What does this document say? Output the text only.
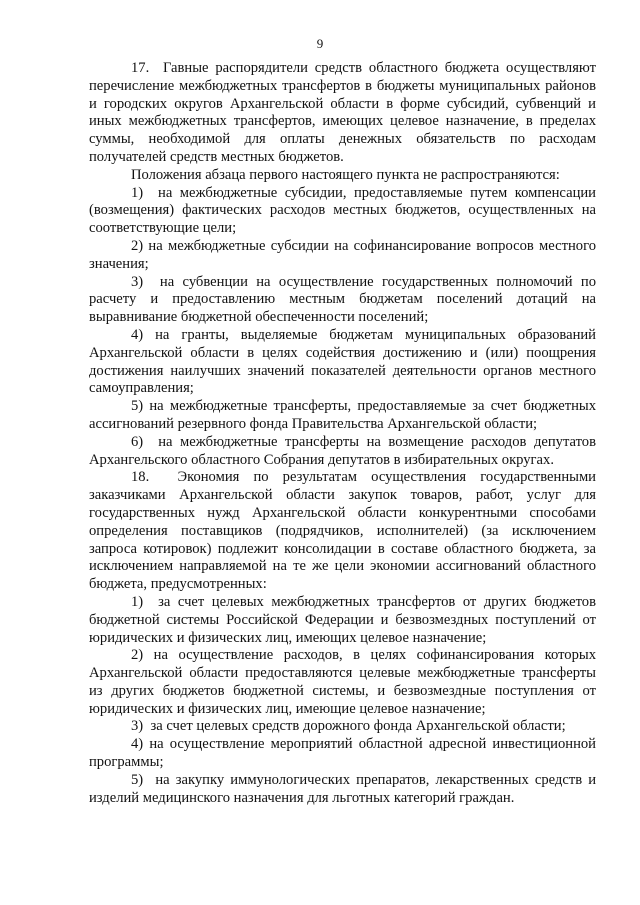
9

17.  Гавные распорядители средств областного бюджета осуществляют перечисление межбюджетных трансфертов в бюджеты муниципальных районов и городских округов Архангельской области в форме субсидий, субвенций и иных межбюджетных трансфертов, имеющих целевое назначение, в пределах суммы, необходимой для оплаты денежных обязательств по расходам получателей средств местных бюджетов.

Положения абзаца первого настоящего пункта не распространяются:

1)  на межбюджетные субсидии, предоставляемые путем компенсации (возмещения) фактических расходов местных бюджетов, осуществленных на соответствующие цели;

2) на межбюджетные субсидии на софинансирование вопросов местного значения;

3)  на субвенции на осуществление государственных полномочий по расчету и предоставлению местным бюджетам поселений дотаций на выравнивание бюджетной обеспеченности поселений;

4) на гранты, выделяемые бюджетам муниципальных образований Архангельской области в целях содействия достижению и (или) поощрения достижения наилучших значений показателей деятельности органов местного самоуправления;

5) на межбюджетные трансферты, предоставляемые за счет бюджетных ассигнований резервного фонда Правительства Архангельской области;

6)  на межбюджетные трансферты на возмещение расходов депутатов Архангельского областного Собрания депутатов в избирательных округах.

18.  Экономия по результатам осуществления государственными заказчиками Архангельской области закупок товаров, работ, услуг для государственных нужд Архангельской области конкурентными способами определения поставщиков (подрядчиков, исполнителей) (за исключением запроса котировок) подлежит консолидации в составе областного бюджета, за исключением направляемой на те же цели экономии ассигнований областного бюджета, предусмотренных:

1)  за счет целевых межбюджетных трансфертов от других бюджетов бюджетной системы Российской Федерации и безвозмездных поступлений от юридических и физических лиц, имеющих целевое назначение;

2) на осуществление расходов, в целях софинансирования которых Архангельской области предоставляются целевые межбюджетные трансферты из других бюджетов бюджетной системы, и безвозмездные поступления от юридических и физических лиц, имеющие целевое назначение;

3)  за счет целевых средств дорожного фонда Архангельской области;

4) на осуществление мероприятий областной адресной инвестиционной программы;

5)  на закупку иммунологических препаратов, лекарственных средств и изделий медицинского назначения для льготных категорий граждан.
